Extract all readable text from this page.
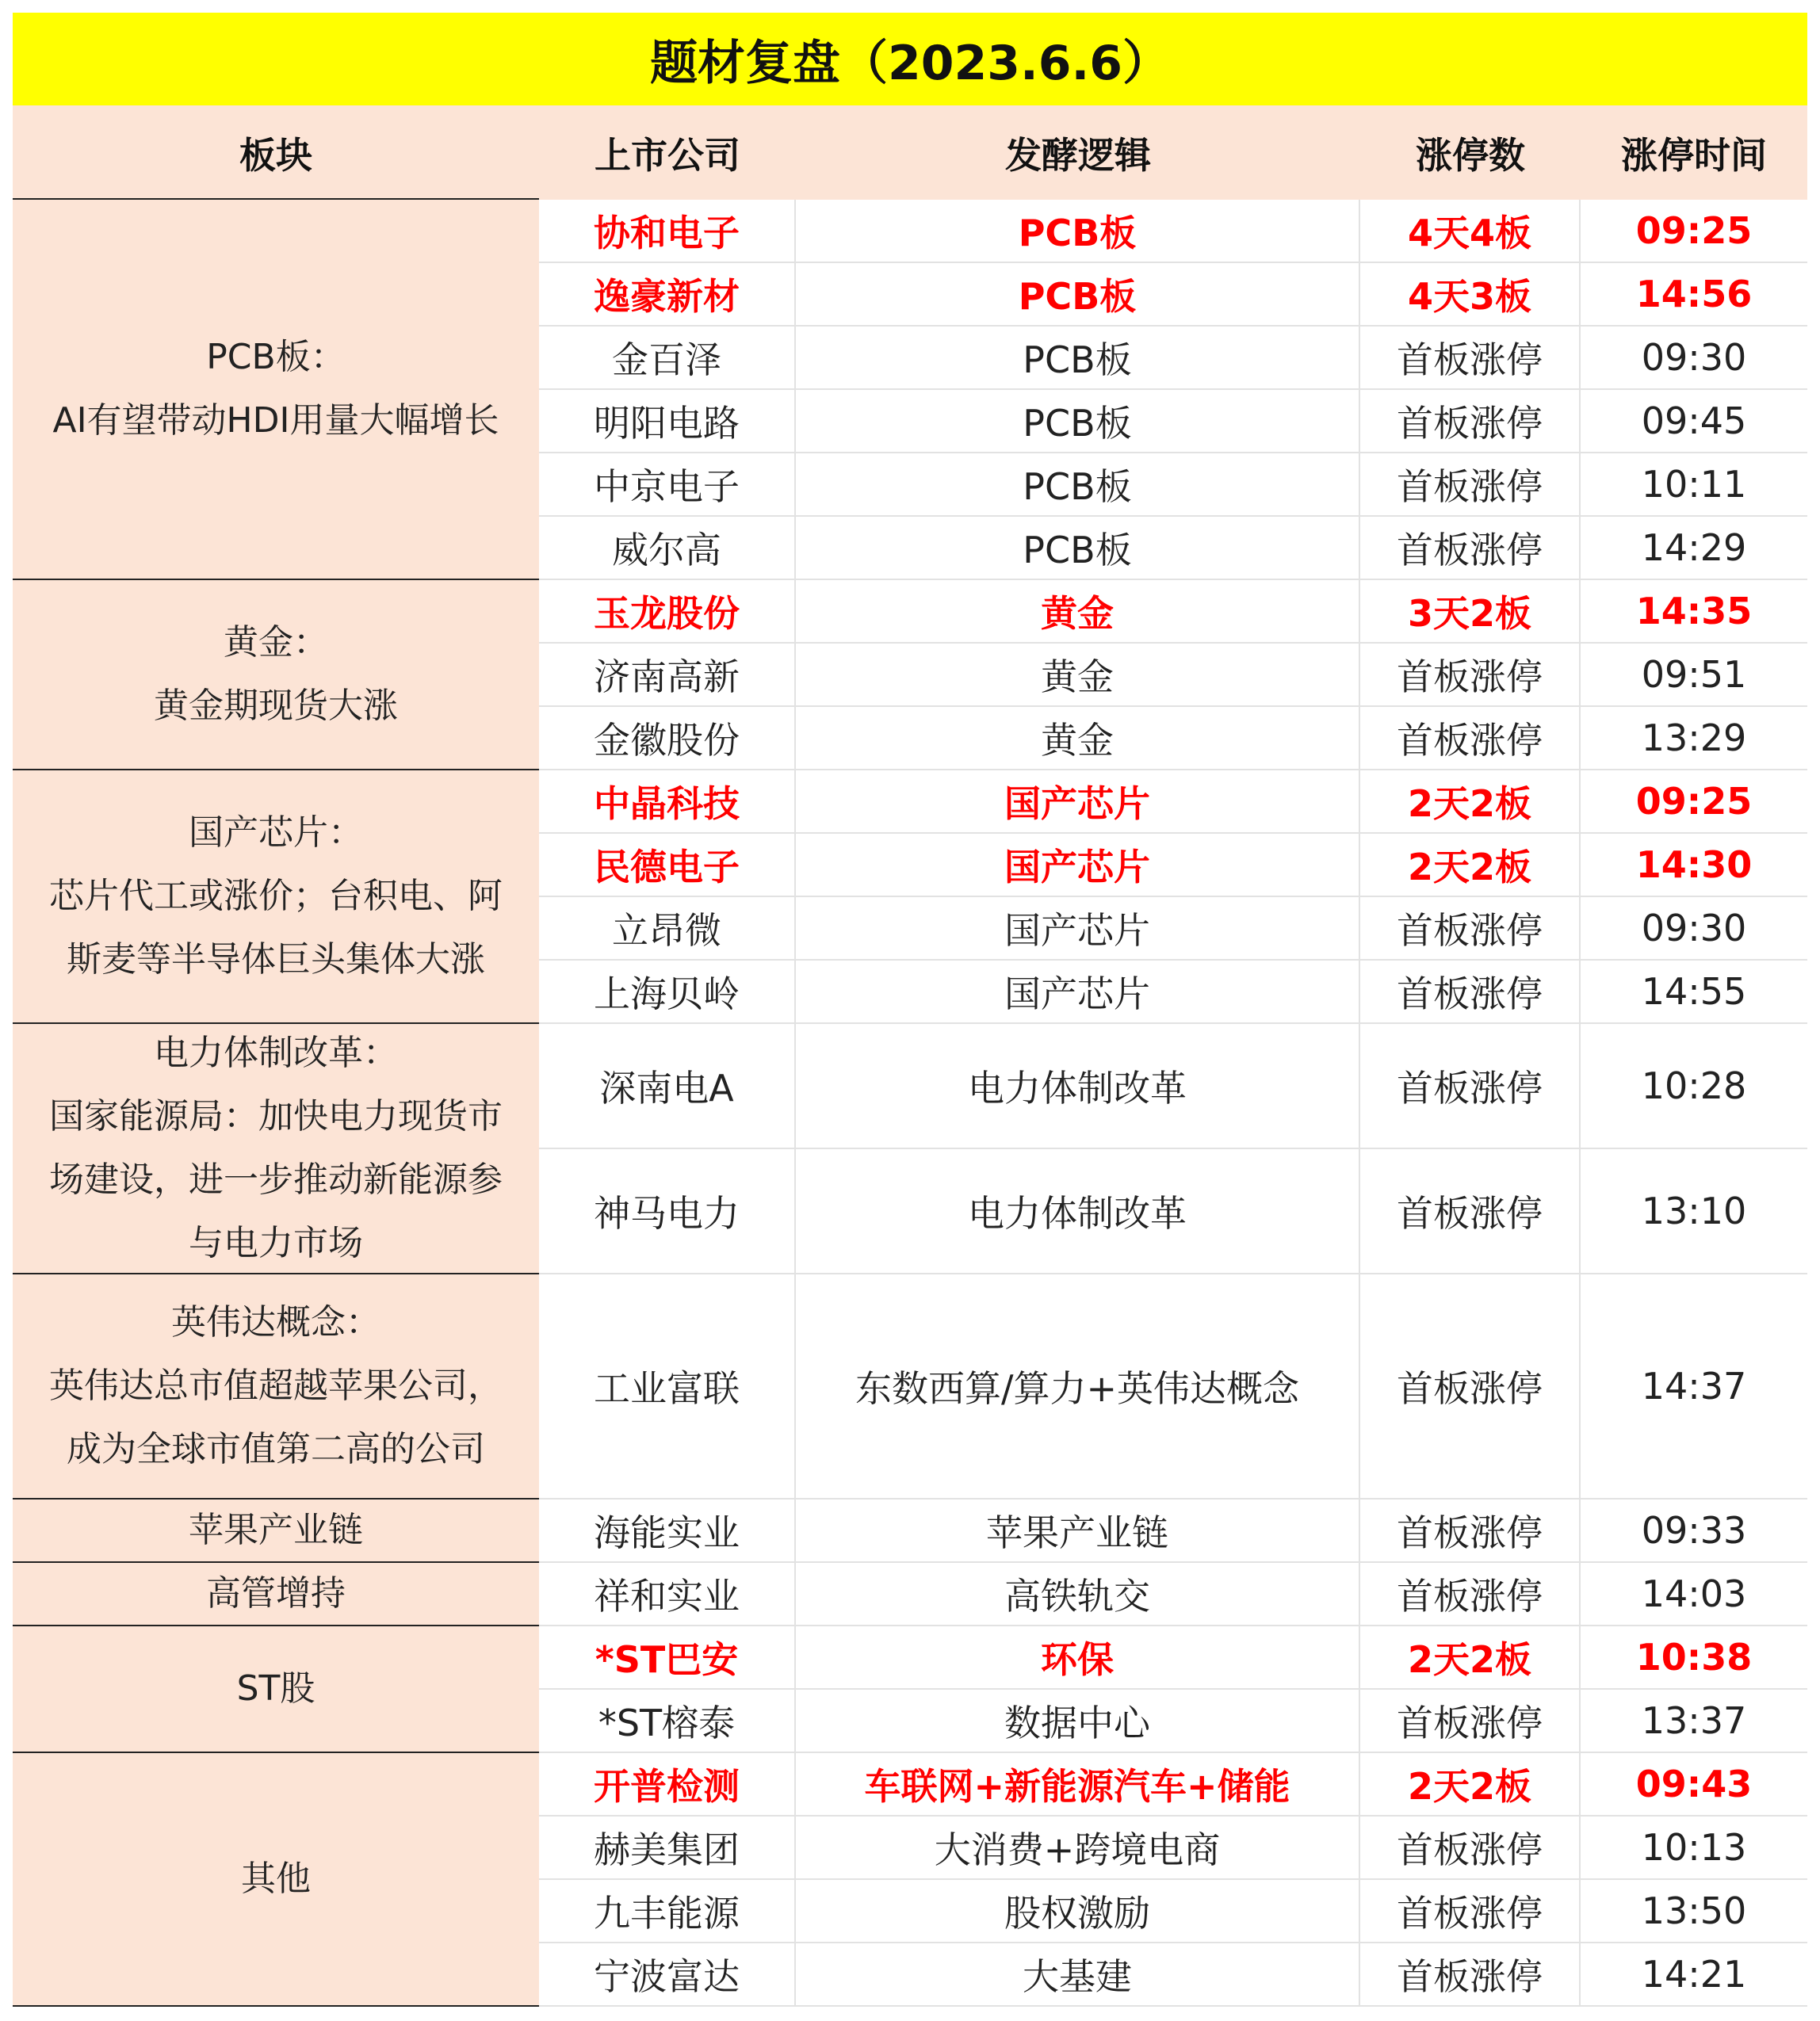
题材复盘（2023.6.6）
板块	上市公司	发酵逻辑	涨停数	涨停时间
PCB板：
AI有望带动HDI用量大幅增长
协和电子	PCB板	4天4板	09:25
逸豪新材	PCB板	4天3板	14:56
金百泽	PCB板	首板涨停	09:30
明阳电路	PCB板	首板涨停	09:45
中京电子	PCB板	首板涨停	10:11
威尔高	PCB板	首板涨停	14:29
黄金：
黄金期现货大涨
玉龙股份	黄金	3天2板	14:35
济南高新	黄金	首板涨停	09:51
金徽股份	黄金	首板涨停	13:29
国产芯片：
芯片代工或涨价；台积电、阿
斯麦等半导体巨头集体大涨
中晶科技	国产芯片	2天2板	09:25
民德电子	国产芯片	2天2板	14:30
立昂微	国产芯片	首板涨停	09:30
上海贝岭	国产芯片	首板涨停	14:55
电力体制改革：
国家能源局：加快电力现货市
场建设，进一步推动新能源参
与电力市场
深南电A	电力体制改革	首板涨停	10:28
神马电力	电力体制改革	首板涨停	13:10
英伟达概念：
英伟达总市值超越苹果公司，
成为全球市值第二高的公司
工业富联	东数西算/算力+英伟达概念	首板涨停	14:37
苹果产业链	海能实业	苹果产业链	首板涨停	09:33
高管增持	祥和实业	高铁轨交	首板涨停	14:03
ST股
*ST巴安	环保	2天2板	10:38
*ST榕泰	数据中心	首板涨停	13:37
其他
开普检测	车联网+新能源汽车+储能	2天2板	09:43
赫美集团	大消费+跨境电商	首板涨停	10:13
九丰能源	股权激励	首板涨停	13:50
宁波富达	大基建	首板涨停	14:21
